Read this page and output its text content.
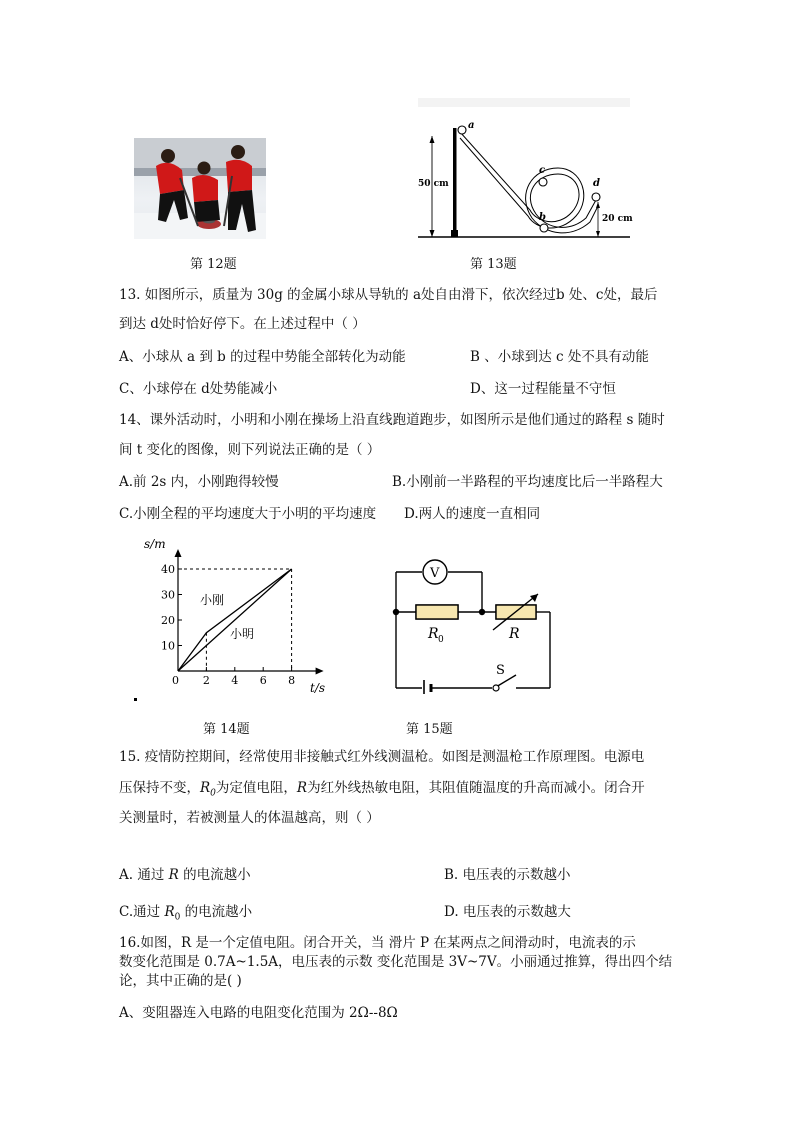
a
c
b
d
50 cm
20 cm
第 12题	第 13题
13. 如图所示，质量为 30g 的金属小球从导轨的 a处自由滑下，依次经过b 处、c处，最后
到达 d处时恰好停下。在上述过程中（ ）
A、小球从 a 到 b 的过程中势能全部转化为动能	B 、小球到达 c 处不具有动能
C、小球停在 d处势能减小	D、这一过程能量不守恒
14、课外活动时，小明和小刚在操场上沿直线跑道跑步，如图所示是他们通过的路程 s 随时
间 t 变化的图像，则下列说法正确的是（ ）
A.前 2s 内，小刚跑得较慢	B.小刚前一半路程的平均速度比后一半路程大
C.小刚全程的平均速度大于小明的平均速度 D.两人的速度一直相同
0 2 4 6 8
10
20
30
40
s/m
t/s
小刚
小明
V
R 0	R
S
第 14题	第 15题
15. 疫情防控期间，经常使用非接触式红外线测温枪。如图是测温枪工作原理图。电源电
压保持不变，$R_0$为定值电阻，R为红外线热敏电阻，其阻值随温度的升高而减小。闭合开
关测量时，若被测量人的体温越高，则（ ）
A. 通过 R 的电流越小	B. 电压表的示数越小
C.通过 $R_0$ 的电流越小	D. 电压表的示数越大
16.如图，R 是一个定值电阻。闭合开关，当 滑片 P 在某两点之间滑动时，电流表的示
数变化范围是 0.7A~1.5A，电压表的示数 变化范围是 3V~7V。小丽通过推算，得出四个结
论，其中正确的是( )
A、变阻器连入电路的电阻变化范围为 2Ω--8Ω
